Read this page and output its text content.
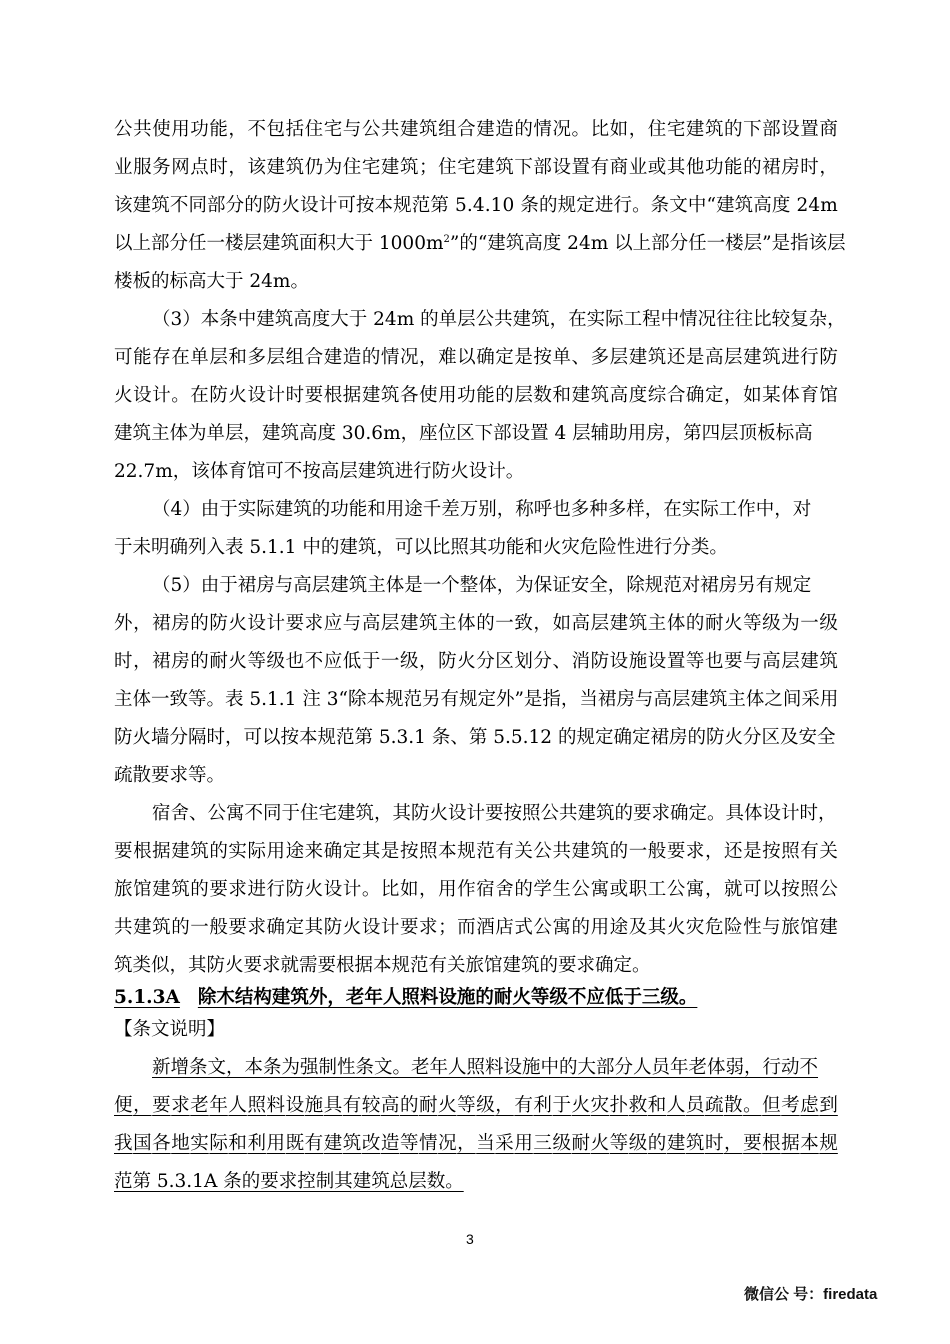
公 共 使 用 功 能 ， 不 包 括 住 宅 与 公 共 建 筑 组 合 建 造 的 情 况 。 比 如 ， 住 宅 建 筑 的 下 部 设 置 商
业 服 务 网 点 时 ， 该 建 筑 仍 为 住 宅 建 筑 ； 住 宅 建 筑 下 部 设 置 有 商 业 或 其 他 功 能 的 裙 房 时 ，
该 建 筑 不 同 部 分 的 防 火 设 计 可 按 本 规 范 第
5 . 4 . 1 0
条 的 规 定 进 行 。 条 文 中 “ 建 筑 高 度
2 4 m
以上部分任一楼层建筑面积大于 $1000m^2$”的“建筑高度 24m 以上部分任一楼层”是指该层
楼板的标高大于 24m。
（3）本条中建筑高度大于 24m 的单层公共建筑，在实际工程中情况往往比较复杂，
可 能 存 在 单 层 和 多 层 组 合 建 造 的 情 况 ， 难 以 确 定 是 按 单 、 多 层 建 筑 还 是 高 层 建 筑 进 行 防
火 设 计 。 在 防 火 设 计 时 要 根 据 建 筑 各 使 用 功 能 的 层 数 和 建 筑 高 度 综 合 确 定 ， 如 某 体 育 馆
建筑主体为单层，建筑高度 30.6m，座位区下部设置 4 层辅助用房，第四层顶板标高
22.7m，该体育馆可不按高层建筑进行防火设计。
（4）由于实际建筑的功能和用途千差万别，称呼也多种多样，在实际工作中，对
于未明确列入表 5.1.1 中的建筑，可以比照其功能和火灾危险性进行分类。
（5）由于裙房与高层建筑主体是一个整体，为保证安全，除规范对裙房另有规定
外 ， 裙 房 的 防 火 设 计 要 求 应 与 高 层 建 筑 主 体 的 一 致 ， 如 高 层 建 筑 主 体 的 耐 火 等 级 为 一 级
时 ， 裙 房 的 耐 火 等 级 也 不 应 低 于 一 级 ， 防 火 分 区 划 分 、 消 防 设 施 设 置 等 也 要 与 高 层 建 筑
主体一致等。表 5.1.1 注 3“除本规范另有规定外”是指，当裙房与高层建筑主体之间采用
防火墙分隔时，可以按本规范第 5.3.1 条、第 5.5.12 的规定确定裙房的防火分区及安全
疏散要求等。
宿舍、公寓不同于住宅建筑，其防火设计要按照公共建筑的要求确定。具体设计时，
要 根 据 建 筑 的 实 际 用 途 来 确 定 其 是 按 照 本 规 范 有 关 公 共 建 筑 的 一 般 要 求 ， 还 是 按 照 有 关
旅 馆 建 筑 的 要 求 进 行 防 火 设 计 。 比 如 ， 用 作 宿 舍 的 学 生 公 寓 或 职 工 公 寓 ， 就 可 以 按 照 公
共 建 筑 的 一 般 要 求 确 定 其 防 火 设 计 要 求 ； 而 酒 店 式 公 寓 的 用 途 及 其 火 灾 危 险 性 与 旅 馆 建
筑类似，其防火要求就需要根据本规范有关旅馆建筑的要求确定。
5.1.3A 除木结构建筑外，老年人照料设施的耐火等级不应低于三级。
【条文说明】
新增条文，本条为强制性条文。老年人照料设施中的大部分人员年老体弱，行动不
便 ， 要 求 老 年 人 照 料 设 施 具 有 较 高 的 耐 火 等 级 ， 有 利 于 火 灾 扑 救 和 人 员 疏 散 。 但 考 虑 到
我 国 各 地 实 际 和 利 用 既 有 建 筑 改 造 等 情 况 ， 当 采 用 三 级 耐 火 等 级 的 建 筑 时 ， 要 根 据 本 规
范第 5.3.1A 条的要求控制其建筑总层数。
3
微信公 号：firedata
